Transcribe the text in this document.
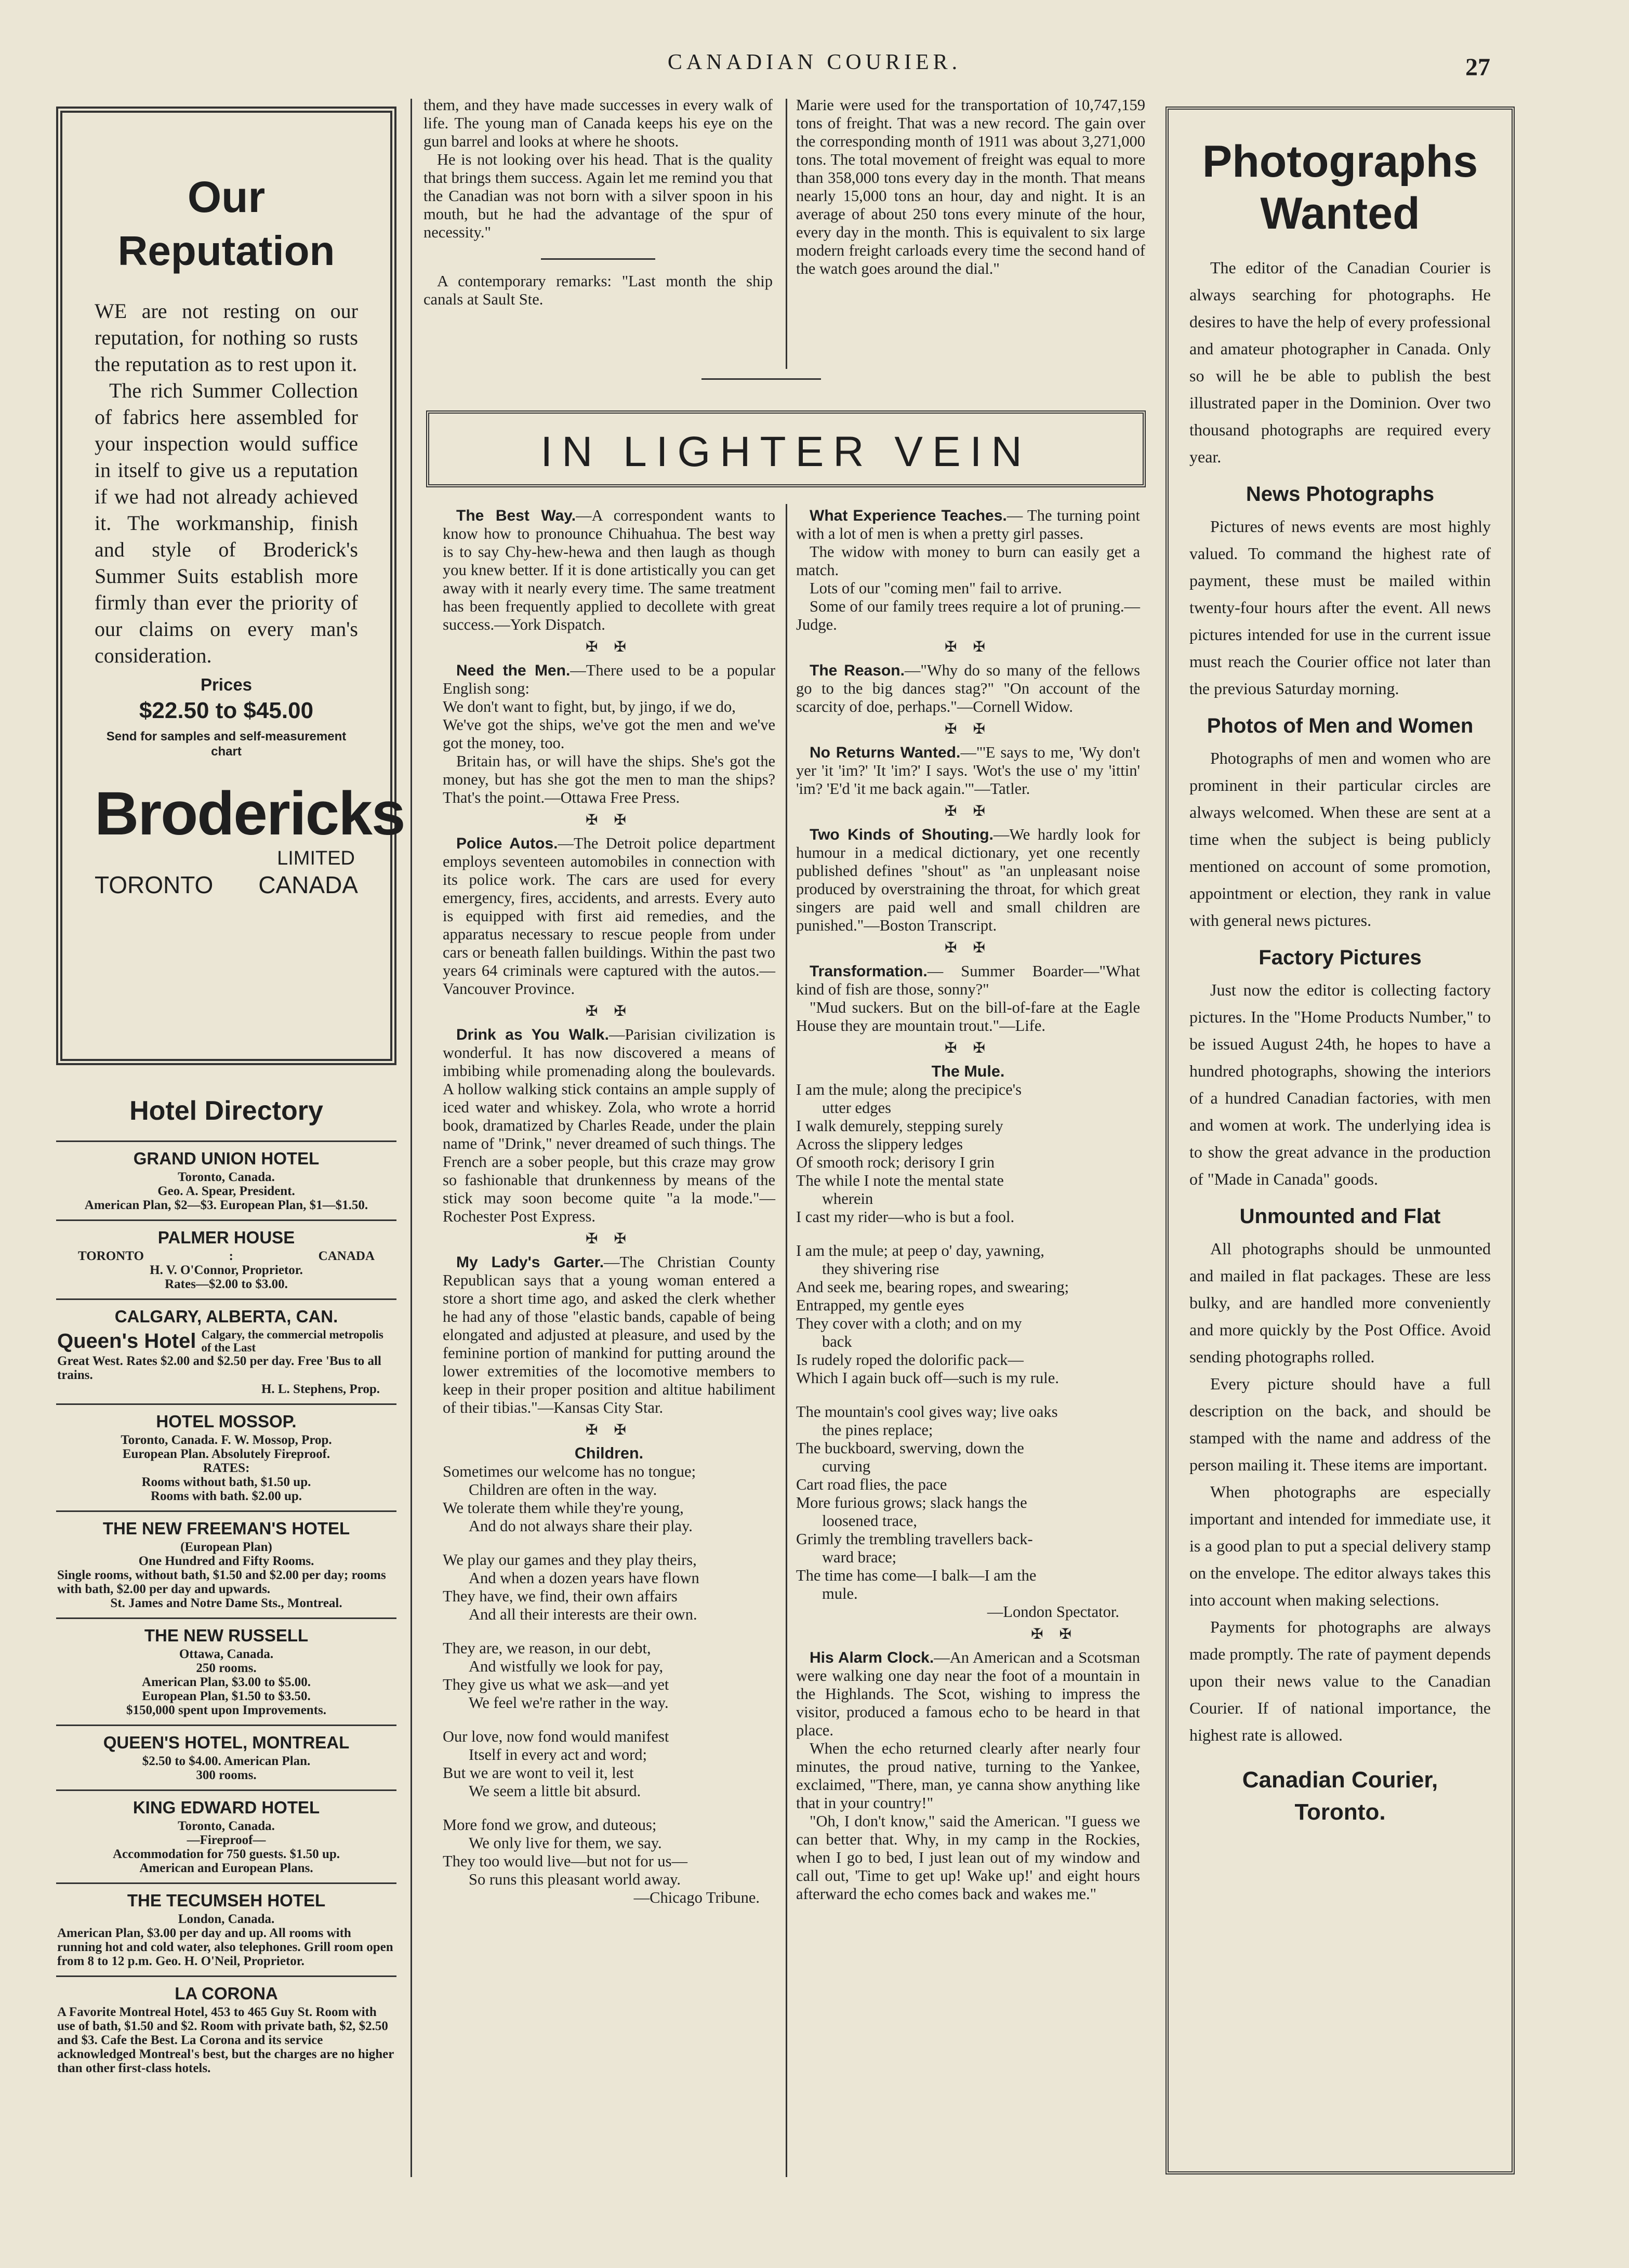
CANADIAN COURIER.	27
Our
Reputation

WE are not resting on our reputation, for nothing so rusts the reputation as to rest upon it.

The rich Summer Collection of fabrics here assembled for your inspection would suffice in itself to give us a reputation if we had not already achieved it. The workmanship, finish and style of Broderick's Summer Suits establish more firmly than ever the priority of our claims on every man's consideration.

Prices
$22.50 to $45.00
Send for samples and self-measurement chart
Brodericks
LIMITED
TORONTO CANADA
Hotel Directory
GRAND UNION HOTEL
Toronto, Canada.
Geo. A. Spear, President.
American Plan, $2—$3. European Plan, $1—$1.50.
PALMER HOUSE
TORONTO	:	CANADA
H. V. O'Connor, Proprietor.
Rates—$2.00 to $3.00.
CALGARY, ALBERTA, CAN.
Queen's Hotel Calgary, the commercial metropolis of the Last
Great West. Rates $2.00 and $2.50 per day. Free 'Bus to all trains.
H. L. Stephens, Prop.
HOTEL MOSSOP.
Toronto, Canada. F. W. Mossop, Prop.
European Plan. Absolutely Fireproof.
RATES:
Rooms without bath, $1.50 up.
Rooms with bath. $2.00 up.
THE NEW FREEMAN'S HOTEL
(European Plan)
One Hundred and Fifty Rooms.
Single rooms, without bath, $1.50 and $2.00 per day; rooms with bath, $2.00 per day and upwards.
St. James and Notre Dame Sts., Montreal.
THE NEW RUSSELL
Ottawa, Canada.
250 rooms.
American Plan, $3.00 to $5.00.
European Plan, $1.50 to $3.50.
$150,000 spent upon Improvements.
QUEEN'S HOTEL, MONTREAL
$2.50 to $4.00. American Plan.
300 rooms.
KING EDWARD HOTEL
Toronto, Canada.
—Fireproof—
Accommodation for 750 guests. $1.50 up.
American and European Plans.
THE TECUMSEH HOTEL
London, Canada.
American Plan, $3.00 per day and up. All rooms with running hot and cold water, also telephones. Grill room open from 8 to 12 p.m. Geo. H. O'Neil, Proprietor.
LA CORONA
A Favorite Montreal Hotel, 453 to 465 Guy St. Room with use of bath, $1.50 and $2. Room with private bath, $2, $2.50 and $3. Cafe the Best. La Corona and its service acknowledged Montreal's best, but the charges are no higher than other first-class hotels.

them, and they have made successes in every walk of life. The young man of Canada keeps his eye on the gun barrel and looks at where he shoots.

He is not looking over his head. That is the quality that brings them success. Again let me remind you that the Canadian was not born with a silver spoon in his mouth, but he had the advantage of the spur of necessity."

A contemporary remarks: "Last month the ship canals at Sault Ste.

Marie were used for the transportation of 10,747,159 tons of freight. That was a new record. The gain over the corresponding month of 1911 was about 3,271,000 tons. The total movement of freight was equal to more than 358,000 tons every day in the month. That means nearly 15,000 tons an hour, day and night. It is an average of about 250 tons every minute of the hour, every day in the month. This is equivalent to six large modern freight carloads every time the second hand of the watch goes around the dial."

IN LIGHTER VEIN

The Best Way.—A correspondent wants to know how to pronounce Chihuahua. The best way is to say Chy-hew-hewa and then laugh as though you knew better. If it is done artistically you can get away with it nearly every time. The same treatment has been frequently applied to decollete with great success.—York Dispatch.

✠ ✠

Need the Men.—There used to be a popular English song:

We don't want to fight, but, by jingo, if we do,

We've got the ships, we've got the men and we've got the money, too.

Britain has, or will have the ships. She's got the money, but has she got the men to man the ships? That's the point.—Ottawa Free Press.

✠ ✠

Police Autos.—The Detroit police department employs seventeen automobiles in connection with its police work. The cars are used for every emergency, fires, accidents, and arrests. Every auto is equipped with first aid remedies, and the apparatus necessary to rescue people from under cars or beneath fallen buildings. Within the past two years 64 criminals were captured with the autos.—Vancouver Province.

✠ ✠

Drink as You Walk.—Parisian civilization is wonderful. It has now discovered a means of imbibing while promenading along the boulevards. A hollow walking stick contains an ample supply of iced water and whiskey. Zola, who wrote a horrid book, dramatized by Charles Reade, under the plain name of "Drink," never dreamed of such things. The French are a sober people, but this craze may grow so fashionable that drunkenness by means of the stick may soon become quite "a la mode."—Rochester Post Express.

✠ ✠

My Lady's Garter.—The Christian County Republican says that a young woman entered a store a short time ago, and asked the clerk whether he had any of those "elastic bands, capable of being elongated and adjusted at pleasure, and used by the feminine portion of mankind for putting around the lower extremities of the locomotive members to keep in their proper position and altitue habiliment of their tibias."—Kansas City Star.

✠ ✠

Children.

Sometimes our welcome has no tongue;
Children are often in the way.
We tolerate them while they're young,
And do not always share their play.
We play our games and they play theirs,
And when a dozen years have flown
They have, we find, their own affairs
And all their interests are their own.
They are, we reason, in our debt,
And wistfully we look for pay,
They give us what we ask—and yet
We feel we're rather in the way.
Our love, now fond would manifest
Itself in every act and word;
But we are wont to veil it, lest
We seem a little bit absurd.
More fond we grow, and duteous;
We only live for them, we say.
They too would live—but not for us—
So runs this pleasant world away.

—Chicago Tribune.

What Experience Teaches.— The turning point with a lot of men is when a pretty girl passes.

The widow with money to burn can easily get a match.

Lots of our "coming men" fail to arrive.

Some of our family trees require a lot of pruning.—Judge.

✠ ✠

The Reason.—"Why do so many of the fellows go to the big dances stag?" "On account of the scarcity of doe, perhaps."—Cornell Widow.

✠ ✠

No Returns Wanted.—"'E says to me, 'Wy don't yer 'it 'im?' 'It 'im?' I says. 'Wot's the use o' my 'ittin' 'im? 'E'd 'it me back again.'"—Tatler.

✠ ✠

Two Kinds of Shouting.—We hardly look for humour in a medical dictionary, yet one recently published defines "shout" as "an unpleasant noise produced by overstraining the throat, for which great singers are paid well and small children are punished."—Boston Transcript.

✠ ✠

Transformation.— Summer Boarder—"What kind of fish are those, sonny?"

"Mud suckers. But on the bill-of-fare at the Eagle House they are mountain trout."—Life.

✠ ✠

The Mule.

I am the mule; along the precipice's
utter edges
I walk demurely, stepping surely
Across the slippery ledges
Of smooth rock; derisory I grin
The while I note the mental state
wherein
I cast my rider—who is but a fool.
I am the mule; at peep o' day, yawning,
they shivering rise
And seek me, bearing ropes, and swearing;
Entrapped, my gentle eyes
They cover with a cloth; and on my
back
Is rudely roped the dolorific pack—
Which I again buck off—such is my rule.
The mountain's cool gives way; live oaks
the pines replace;
The buckboard, swerving, down the
curving
Cart road flies, the pace
More furious grows; slack hangs the
loosened trace,
Grimly the trembling travellers back-
ward brace;
The time has come—I balk—I am the
mule.

—London Spectator.

✠ ✠

His Alarm Clock.—An American and a Scotsman were walking one day near the foot of a mountain in the Highlands. The Scot, wishing to impress the visitor, produced a famous echo to be heard in that place.

When the echo returned clearly after nearly four minutes, the proud native, turning to the Yankee, exclaimed, "There, man, ye canna show anything like that in your country!"

"Oh, I don't know," said the American. "I guess we can better that. Why, in my camp in the Rockies, when I go to bed, I just lean out of my window and call out, 'Time to get up! Wake up!' and eight hours afterward the echo comes back and wakes me."

Photographs Wanted

The editor of the Canadian Courier is always searching for photographs. He desires to have the help of every professional and amateur photographer in Canada. Only so will he be able to publish the best illustrated paper in the Dominion. Over two thousand photographs are required every year.

News Photographs

Pictures of news events are most highly valued. To command the highest rate of payment, these must be mailed within twenty-four hours after the event. All news pictures intended for use in the current issue must reach the Courier office not later than the previous Saturday morning.

Photos of Men and Women

Photographs of men and women who are prominent in their particular circles are always welcomed. When these are sent at a time when the subject is being publicly mentioned on account of some promotion, appointment or election, they rank in value with general news pictures.

Factory Pictures

Just now the editor is collecting factory pictures. In the "Home Products Number," to be issued August 24th, he hopes to have a hundred photographs, showing the interiors of a hundred Canadian factories, with men and women at work. The underlying idea is to show the great advance in the production of "Made in Canada" goods.

Unmounted and Flat

All photographs should be unmounted and mailed in flat packages. These are less bulky, and are handled more conveniently and more quickly by the Post Office. Avoid sending photographs rolled.

Every picture should have a full description on the back, and should be stamped with the name and address of the person mailing it. These items are important.

When photographs are especially important and intended for immediate use, it is a good plan to put a special delivery stamp on the envelope. The editor always takes this into account when making selections.

Payments for photographs are always made promptly. The rate of payment depends upon their news value to the Canadian Courier. If of national importance, the highest rate is allowed.

Canadian Courier,
Toronto.
